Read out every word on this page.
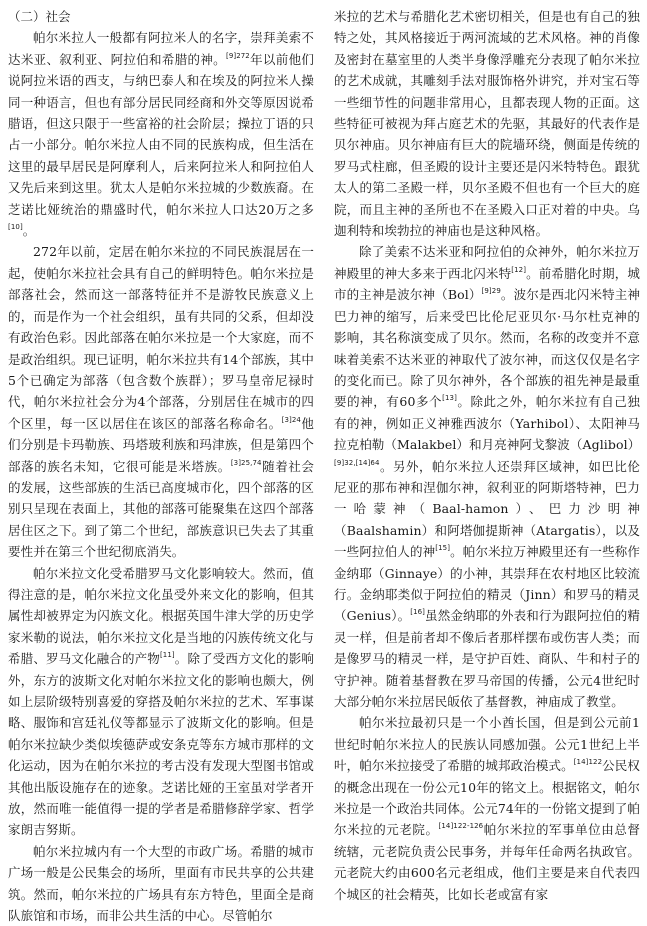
（二）社会

帕尔米拉人一般都有阿拉米人的名字，崇拜美索不达米亚、叙利亚、阿拉伯和希腊的神。$^{[9]272}$年以前他们说阿拉米语的西支，与纳巴泰人和在埃及的阿拉米人操同一种语言，但也有部分居民同经商和外交等原因说希腊语，但这只限于一些富裕的社会阶层；操拉丁语的只占一小部分。帕尔米拉人由不同的民族构成，但生活在这里的最早居民是阿摩利人，后来阿拉米人和阿拉伯人又先后来到这里。犹太人是帕尔米拉城的少数族裔。在芝诺比娅统治的鼎盛时代，帕尔米拉人口达20万之多[10]。

272年以前，定居在帕尔米拉的不同民族混居在一起，使帕尔米拉社会具有自己的鲜明特色。帕尔米拉是部落社会，然而这一部落特征并不是游牧民族意义上的，而是作为一个社会组织，虽有共同的父系，但却没有政治色彩。因此部落在帕尔米拉是一个大家庭，而不是政治组织。现已证明，帕尔米拉共有14个部族，其中5个已确定为部落（包含数个族群）；罗马皇帝尼禄时代，帕尔米拉社会分为4个部落，分别居住在城市的四个区里，每一区以居住在该区的部落名称命名。$^{[3]24}$他们分别是卡玛勒族、玛塔玻利族和玛津族，但是第四个部落的族名未知，它很可能是米塔族。$^{[3]25,74}$随着社会的发展，这些部族的生活已高度城市化，四个部落的区别只呈现在表面上，其他的部落可能聚集在这四个部落居住区之下。到了第二个世纪，部族意识已失去了其重要性并在第三个世纪彻底消失。

帕尔米拉文化受希腊罗马文化影响较大。然而，值得注意的是，帕尔米拉文化虽受外来文化的影响，但其属性却被界定为闪族文化。根据英国牛津大学的历史学家米勒的说法，帕尔米拉文化是当地的闪族传统文化与希腊、罗马文化融合的产物[11]。除了受西方文化的影响外，东方的波斯文化对帕尔米拉文化的影响也颇大，例如上层阶级特别喜爱的穿搭及帕尔米拉的艺术、军事谋略、服饰和宫廷礼仪等都显示了波斯文化的影响。但是帕尔米拉缺少类似埃德萨或安条克等东方城市那样的文化运动，因为在帕尔米拉的考古没有发现大型图书馆或其他出版设施存在的迹象。芝诺比娅的王室虽对学者开放，然而唯一能值得一提的学者是希腊修辞学家、哲学家朗吉努斯。

帕尔米拉城内有一个大型的市政广场。希腊的城市广场一般是公民集会的场所，里面有市民共享的公共建筑。然而，帕尔米拉的广场具有东方特色，里面全是商队旅馆和市场，而非公共生活的中心。尽管帕尔

米拉的艺术与希腊化艺术密切相关，但是也有自己的独特之处，其风格接近于两河流域的艺术风格。神的肖像及密封在墓室里的人类半身像浮雕充分表现了帕尔米拉的艺术成就，其雕刻手法对服饰格外讲究，并对宝石等一些细节性的问题非常用心，且都表现人物的正面。这些特征可被视为拜占庭艺术的先驱，其最好的代表作是贝尔神庙。贝尔神庙有巨大的院墙环绕，侧面是传统的罗马式柱廊，但圣殿的设计主要还是闪米特特色。跟犹太人的第二圣殿一样，贝尔圣殿不但也有一个巨大的庭院，而且主神的圣所也不在圣殿入口正对着的中央。乌迦利特和埃勃拉的神庙也是这种风格。

除了美索不达米亚和阿拉伯的众神外，帕尔米拉万神殿里的神大多来于西北闪米特[12]。前希腊化时期，城市的主神是波尔神（Bol）$^{[9]29}$。波尔是西北闪米特主神巴力神的缩写，后来受巴比伦尼亚贝尔·马尔杜克神的影响，其名称演变成了贝尔。然而，名称的改变并不意味着美索不达米亚的神取代了波尔神，而这仅仅是名字的变化而已。除了贝尔神外，各个部族的祖先神是最重要的神，有60多个[13]。除此之外，帕尔米拉有自己独有的神，例如正义神雅西波尔（Yarhibol）、太阳神马拉克柏勒（Malakbel）和月亮神阿戈黎波（Aglibol）$^{[9]32,[14]64}$。另外，帕尔米拉人还崇拜区域神，如巴比伦尼亚的那布神和涅伽尔神，叙利亚的阿斯塔特神，巴力一哈蒙神（Baal-hamon）、巴力沙明神（Baalshamin）和阿塔伽提斯神（Atargatis），以及一些阿拉伯人的神[15]。帕尔米拉万神殿里还有一些称作金纳耶（Ginnaye）的小神，其崇拜在农村地区比较流行。金纳耶类似于阿拉伯的精灵（Jinn）和罗马的精灵（Genius）。[16]虽然金纳耶的外表和行为跟阿拉伯的精灵一样，但是前者却不像后者那样摆布或伤害人类；而是像罗马的精灵一样，是守护百姓、商队、牛和村子的守护神。随着基督教在罗马帝国的传播，公元4世纪时大部分帕尔米拉居民皈依了基督教，神庙成了教堂。

帕尔米拉最初只是一个小酋长国，但是到公元前1世纪时帕尔米拉人的民族认同感加强。公元1世纪上半叶，帕尔米拉接受了希腊的城邦政治模式。$^{[14]122}$公民权的概念出现在一份公元10年的铭文上。根据铭文，帕尔米拉是一个政治共同体。公元74年的一份铭文提到了帕尔米拉的元老院。$^{[14]122-126}$帕尔米拉的军事单位由总督统辖，元老院负责公民事务，并每年任命两名执政官。元老院大约由600名元老组成，他们主要是来自代表四个城区的社会精英，比如长老或富有家
